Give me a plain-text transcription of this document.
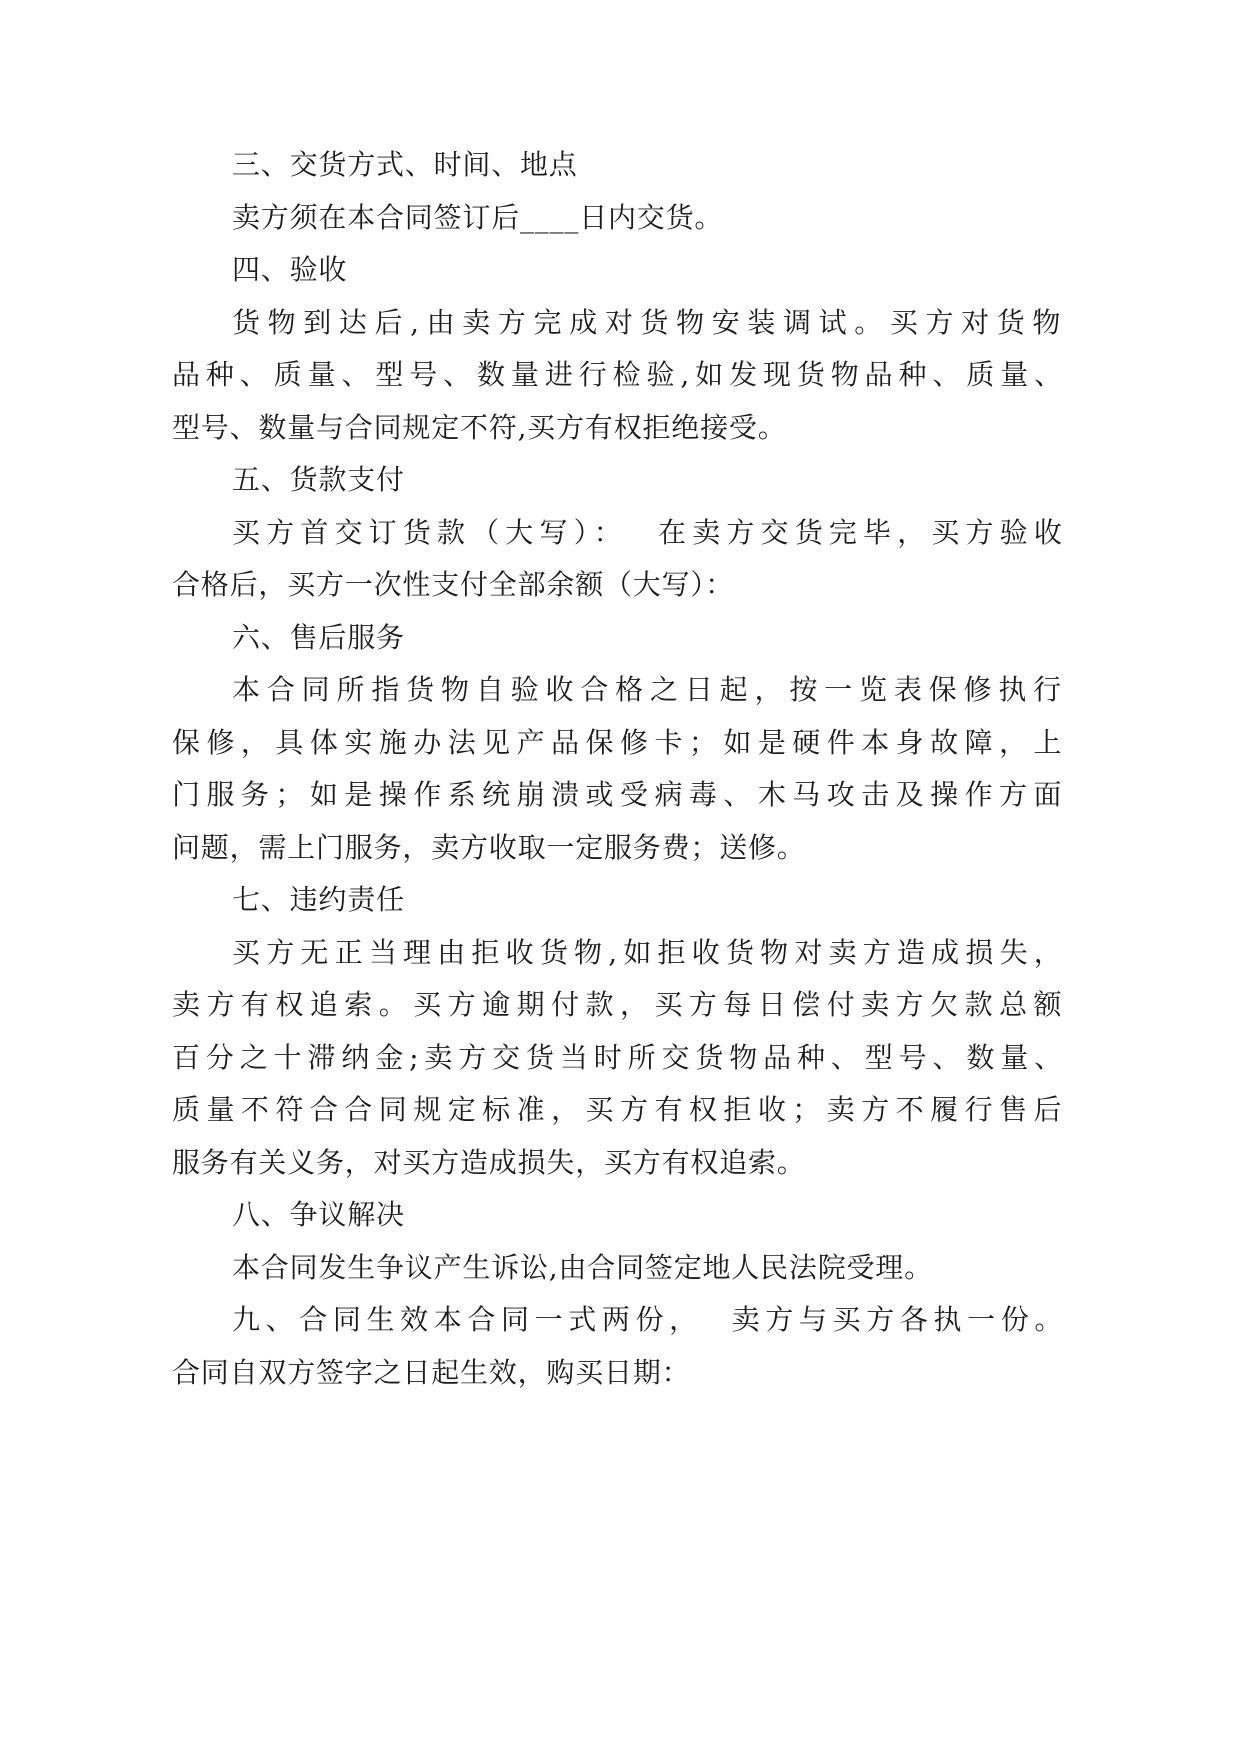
三、交货方式、时间、地点
卖方须在本合同签订后____日内交货。
四、验收
货物到达后,由卖方完成对货物安装调试。买方对货物
品种、质量、型号、数量进行检验,如发现货物品种、质量、
型号、数量与合同规定不符,买方有权拒绝接受。
五、货款支付
买方首交订货款（大写）：  在卖方交货完毕，买方验收
合格后，买方一次性支付全部余额（大写）：
六、售后服务
本合同所指货物自验收合格之日起，按一览表保修执行
保修，具体实施办法见产品保修卡；如是硬件本身故障，上
门服务；如是操作系统崩溃或受病毒、木马攻击及操作方面
问题，需上门服务，卖方收取一定服务费；送修。
七、违约责任
买方无正当理由拒收货物,如拒收货物对卖方造成损失，
卖方有权追索。买方逾期付款，买方每日偿付卖方欠款总额
百分之十滞纳金;卖方交货当时所交货物品种、型号、数量、
质量不符合合同规定标准，买方有权拒收；卖方不履行售后
服务有关义务，对买方造成损失，买方有权追索。
八、争议解决
本合同发生争议产生诉讼,由合同签定地人民法院受理。
九、合同生效本合同一式两份，  卖方与买方各执一份。
合同自双方签字之日起生效，购买日期：
